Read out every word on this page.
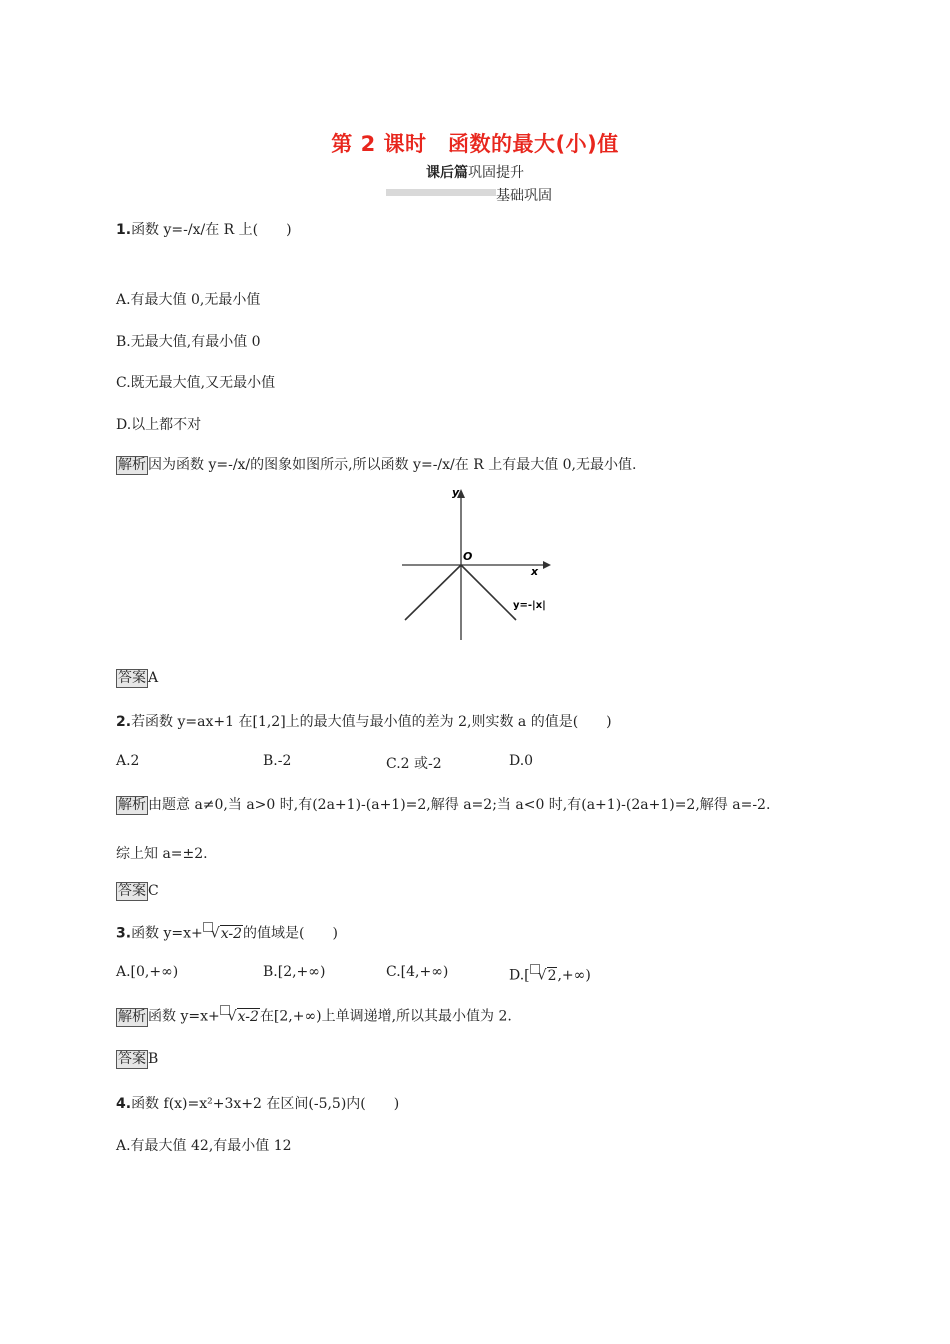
第 2 课时　函数的最大(小)值
课后篇巩固提升
基础巩固
1.函数 y=-/x/在 R 上(　　)
A.有最大值 0,无最小值
B.无最大值,有最小值 0
C.既无最大值,又无最小值
D.以上都不对
解析 因为函数 y=-/x/的图象如图所示,所以函数 y=-/x/在 R 上有最大值 0,无最小值.
y
x
O
y=-|x|
答案 A
2.若函数 y=ax+1 在[1,2]上的最大值与最小值的差为 2,则实数 a 的值是(　　)
A.2	B.-2	C.2 或-2	D.0
解析 由题意 a≠0,当 a>0 时,有(2a+1)-(a+1)=2,解得 a=2;当 a<0 时,有(a+1)-(2a+1)=2,解得 a=-2.
综上知 a=±2.
答案 C
3.函数 y=x+ √x-2的值域是(　　)
A.[0,+∞)	B.[2,+∞)	C.[4,+∞)	D.[ √2,+∞)
解析 函数 y=x+ √x-2在[2,+∞)上单调递增,所以其最小值为 2.
答案 B
4.函数 f(x)=x²+3x+2 在区间(-5,5)内(　　)
A.有最大值 42,有最小值 12
